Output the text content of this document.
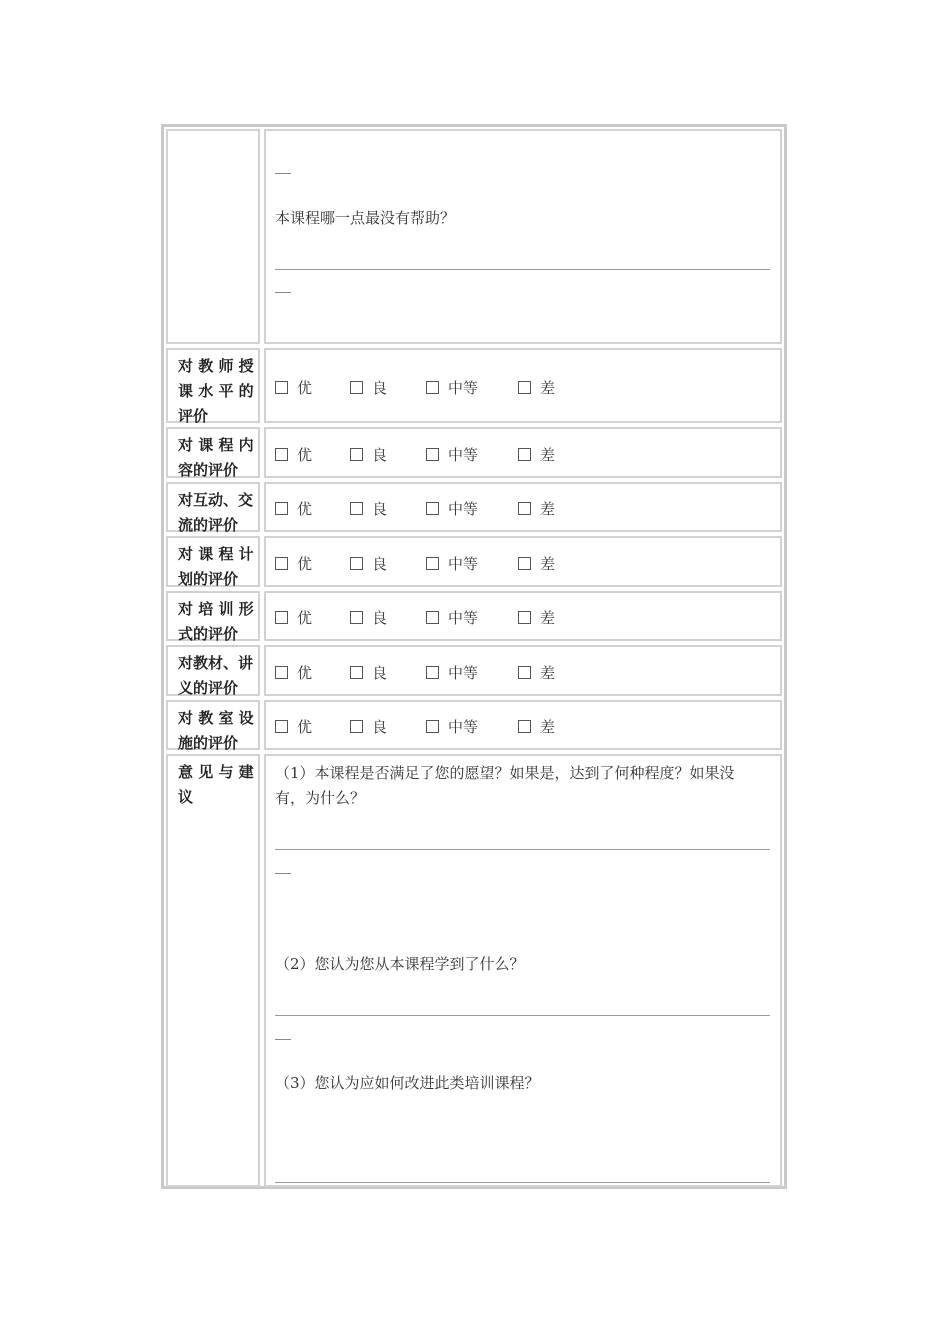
本课程哪一点最没有帮助？
对 教 师 授
课 水 平 的
评价
优	良	中等	差
对 课 程 内
容的评价
优	良	中等	差
对互动、交
流的评价
优	良	中等	差
对 课 程 计
划的评价
优	良	中等	差
对 培 训 形
式的评价
优	良	中等	差
对教材、讲
义的评价
优	良	中等	差
对 教 室 设
施的评价
优	良	中等	差
意 见 与 建
议
（1）本课程是否满足了您的愿望？如果是，达到了何种程度？如果没
有，为什么？
（2）您认为您从本课程学到了什么？
（3）您认为应如何改进此类培训课程？
